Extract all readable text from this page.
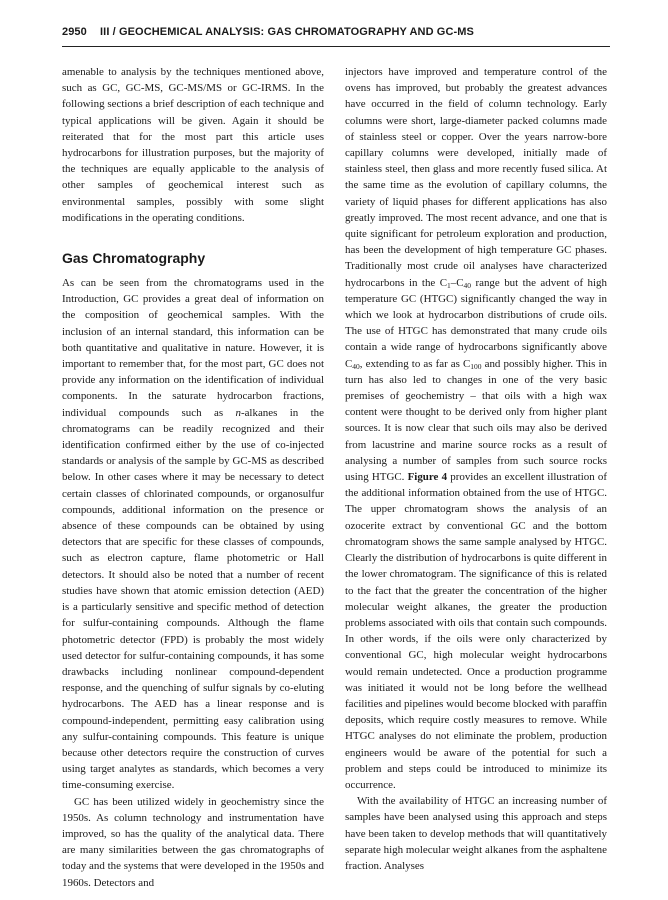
2950 III / GEOCHEMICAL ANALYSIS: GAS CHROMATOGRAPHY AND GC-MS

amenable to analysis by the techniques mentioned above, such as GC, GC-MS, GC-MS/MS or GC-IRMS. In the following sections a brief description of each technique and typical applications will be given. Again it should be reiterated that for the most part this article uses hydrocarbons for illustration purposes, but the majority of the techniques are equally applicable to the analysis of other samples of geochemical interest such as environmental samples, possibly with some slight modifications in the operating conditions.

Gas Chromatography

As can be seen from the chromatograms used in the Introduction, GC provides a great deal of information on the composition of geochemical samples. With the inclusion of an internal standard, this information can be both quantitative and qualitative in nature. However, it is important to remember that, for the most part, GC does not provide any information on the identification of individual components. In the saturate hydrocarbon fractions, individual compounds such as n-alkanes in the chromatograms can be readily recognized and their identification confirmed either by the use of co-injected standards or analysis of the sample by GC-MS as described below. In other cases where it may be necessary to detect certain classes of chlorinated compounds, or organosulfur compounds, additional information on the presence or absence of these compounds can be obtained by using detectors that are specific for these classes of compounds, such as electron capture, flame photometric or Hall detectors. It should also be noted that a number of recent studies have shown that atomic emission detection (AED) is a particularly sensitive and specific method of detection for sulfur-containing compounds. Although the flame photometric detector (FPD) is probably the most widely used detector for sulfur-containing compounds, it has some drawbacks including nonlinear compound-dependent response, and the quenching of sulfur signals by co-eluting hydrocarbons. The AED has a linear response and is compound-independent, permitting easy calibration using any sulfur-containing compounds. This feature is unique because other detectors require the construction of curves using target analytes as standards, which becomes a very time-consuming exercise.

GC has been utilized widely in geochemistry since the 1950s. As column technology and instrumentation have improved, so has the quality of the analytical data. There are many similarities between the gas chromatographs of today and the systems that were developed in the 1950s and 1960s. Detectors and

injectors have improved and temperature control of the ovens has improved, but probably the greatest advances have occurred in the field of column technology. Early columns were short, large-diameter packed columns made of stainless steel or copper. Over the years narrow-bore capillary columns were developed, initially made of stainless steel, then glass and more recently fused silica. At the same time as the evolution of capillary columns, the variety of liquid phases for different applications has also greatly improved. The most recent advance, and one that is quite significant for petroleum exploration and production, has been the development of high temperature GC phases. Traditionally most crude oil analyses have characterized hydrocarbons in the $C_1-C_{40}$ range but the advent of high temperature GC (HTGC) significantly changed the way in which we look at hydrocarbon distributions of crude oils. The use of HTGC has demonstrated that many crude oils contain a wide range of hydrocarbons significantly above $C_{40}$, extending to as far as $C_{100}$ and possibly higher. This in turn has also led to changes in one of the very basic premises of geochemistry – that oils with a high wax content were thought to be derived only from higher plant sources. It is now clear that such oils may also be derived from lacustrine and marine source rocks as a result of analysing a number of samples from such source rocks using HTGC. Figure 4 provides an excellent illustration of the additional information obtained from the use of HTGC. The upper chromatogram shows the analysis of an ozocerite extract by conventional GC and the bottom chromatogram shows the same sample analysed by HTGC. Clearly the distribution of hydrocarbons is quite different in the lower chromatogram. The significance of this is related to the fact that the greater the concentration of the higher molecular weight alkanes, the greater the production problems associated with oils that contain such compounds. In other words, if the oils were only characterized by conventional GC, high molecular weight hydrocarbons would remain undetected. Once a production programme was initiated it would not be long before the wellhead facilities and pipelines would become blocked with paraffin deposits, which require costly measures to remove. While HTGC analyses do not eliminate the problem, production engineers would be aware of the potential for such a problem and steps could be introduced to minimize its occurrence.

With the availability of HTGC an increasing number of samples have been analysed using this approach and steps have been taken to develop methods that will quantitatively separate high molecular weight alkanes from the asphaltene fraction. Analyses
